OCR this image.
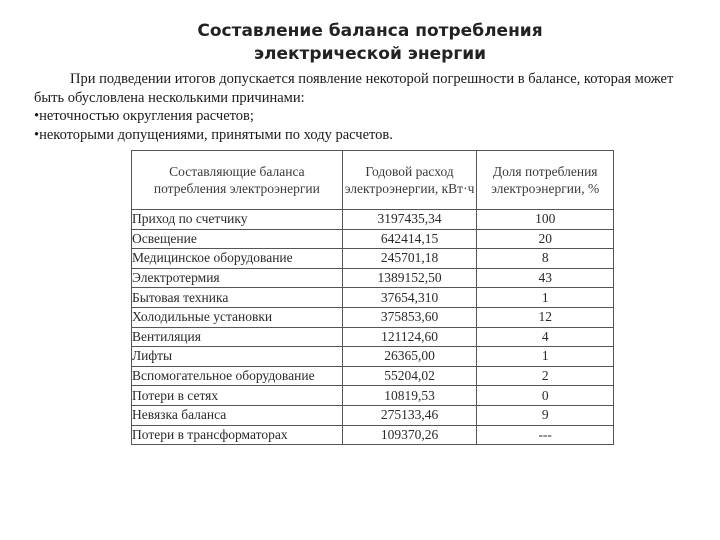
Составление баланса потребления
электрической энергии

При подведении итогов допускается появление некоторой погрешности в балансе, которая может быть обусловлена несколькими причинами:

•неточностью округления расчетов;

•некоторыми допущениями, принятыми по ходу расчетов.

Составляющие баланса потребления электроэнергии	Годовой расход электроэнергии, кВт·ч	Доля потребления электроэнергии, %
Приход по счетчику	3197435,34	100
Освещение	642414,15	20
Медицинское оборудование	245701,18	8
Электротермия	1389152,50	43
Бытовая техника	37654,310	1
Холодильные установки	375853,60	12
Вентиляция	121124,60	4
Лифты	26365,00	1
Вспомогательное оборудование	55204,02	2
Потери в сетях	10819,53	0
Невязка баланса	275133,46	9
Потери в трансформаторах	109370,26	---
